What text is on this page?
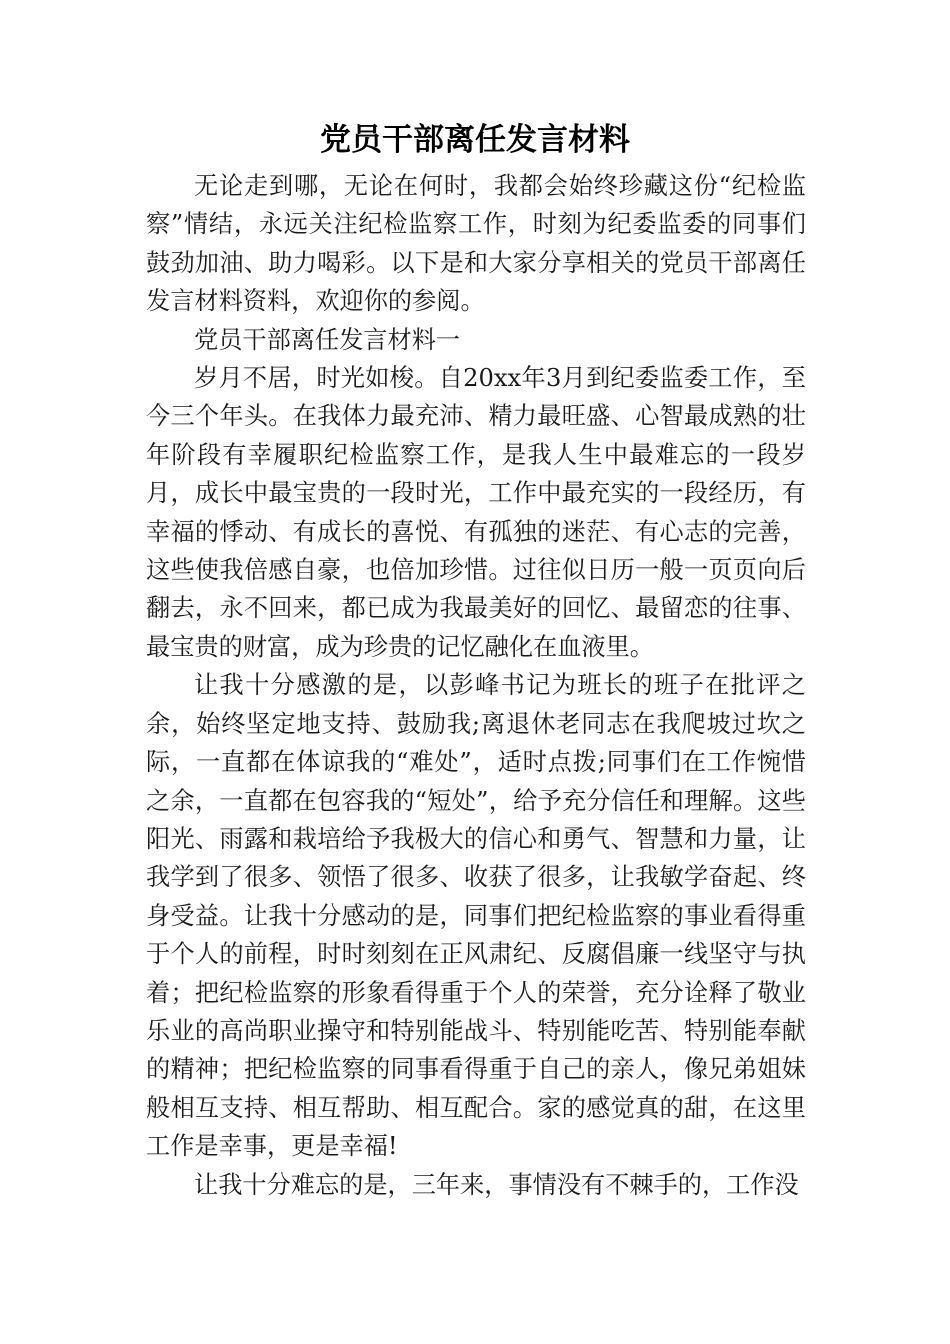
党员干部离任发言材料

无论走到哪，无论在何时，我都会始终珍藏这份“纪检监察”情结，永远关注纪检监察工作，时刻为纪委监委的同事们鼓劲加油、助力喝彩。以下是和大家分享相关的党员干部离任发言材料资料，欢迎你的参阅。

党员干部离任发言材料一

岁月不居，时光如梭。自20xx年3月到纪委监委工作，至今三个年头。在我体力最充沛、精力最旺盛、心智最成熟的壮年阶段有幸履职纪检监察工作，是我人生中最难忘的一段岁月，成长中最宝贵的一段时光，工作中最充实的一段经历，有幸福的悸动、有成长的喜悦、有孤独的迷茫、有心志的完善，这些使我倍感自豪，也倍加珍惜。过往似日历一般一页页向后翻去，永不回来，都已成为我最美好的回忆、最留恋的往事、最宝贵的财富，成为珍贵的记忆融化在血液里。

让我十分感激的是，以彭峰书记为班长的班子在批评之余，始终坚定地支持、鼓励我;离退休老同志在我爬坡过坎之际，一直都在体谅我的“难处”，适时点拨;同事们在工作惋惜之余，一直都在包容我的“短处”，给予充分信任和理解。这些阳光、雨露和栽培给予我极大的信心和勇气、智慧和力量，让我学到了很多、领悟了很多、收获了很多，让我敏学奋起、终身受益。让我十分感动的是，同事们把纪检监察的事业看得重于个人的前程，时时刻刻在正风肃纪、反腐倡廉一线坚守与执着；把纪检监察的形象看得重于个人的荣誉，充分诠释了敬业乐业的高尚职业操守和特别能战斗、特别能吃苦、特别能奉献的精神；把纪检监察的同事看得重于自己的亲人，像兄弟姐妹般相互支持、相互帮助、相互配合。家的感觉真的甜，在这里工作是幸事，更是幸福!

让我十分难忘的是，三年来，事情没有不棘手的，工作没
